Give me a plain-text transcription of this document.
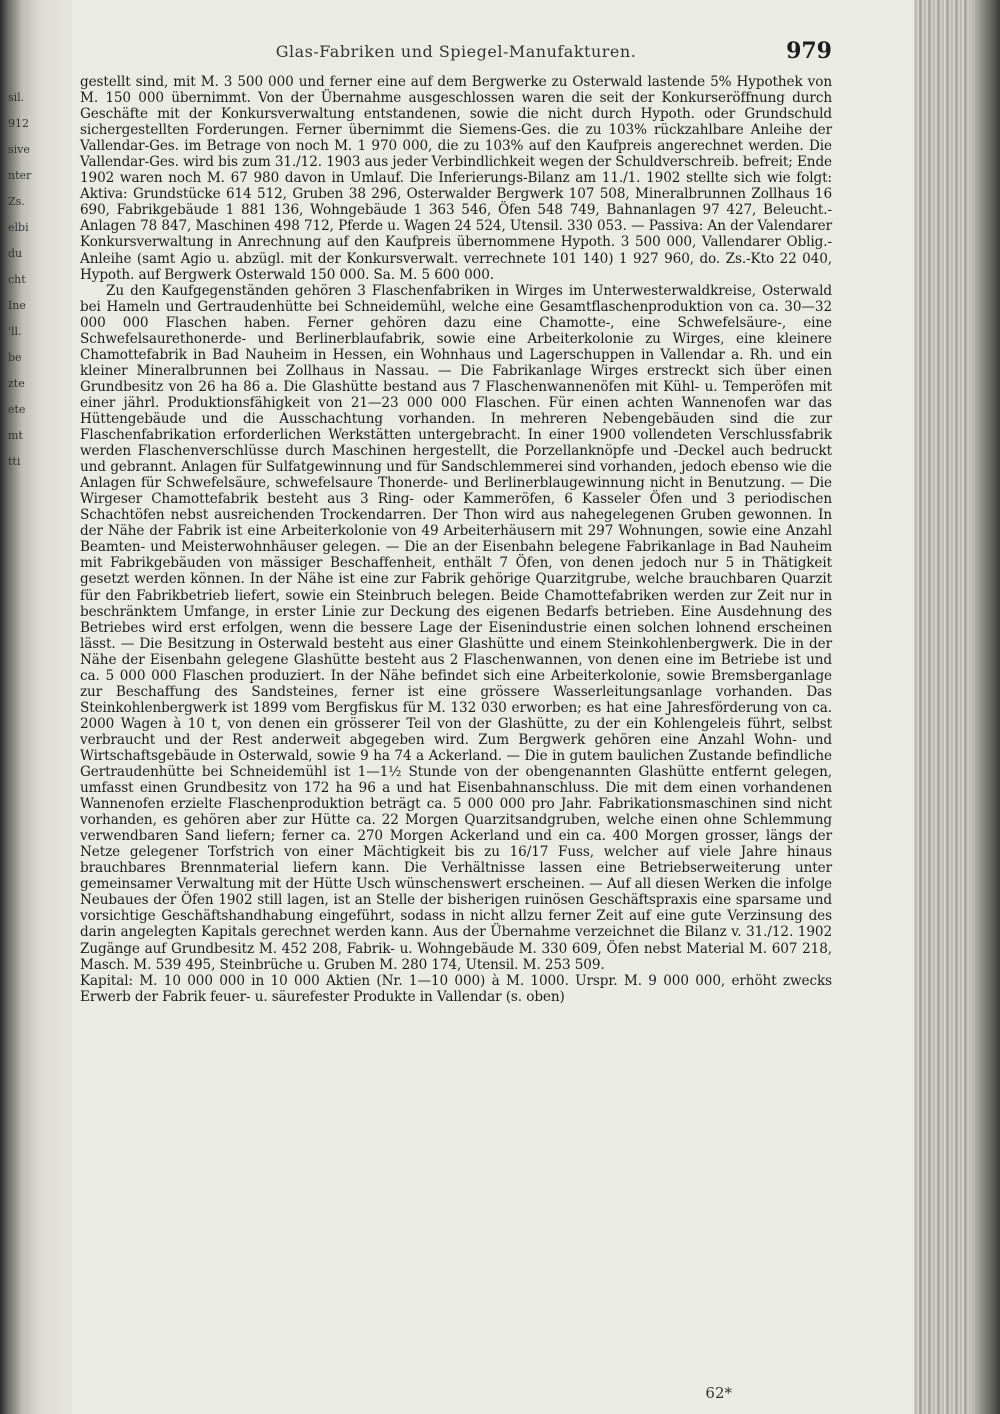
sil.
912
sive
nter
Zs.
elbi
du
cht
Ine
'll.
be
zte
ete
mt
tti
Glas-Fabriken und Spiegel-Manufakturen.	979

gestellt sind, mit M. 3 500 000 und ferner eine auf dem Bergwerke zu Osterwald lastende 5% Hypothek von M. 150 000 übernimmt. Von der Übernahme ausgeschlossen waren die seit der Konkurseröffnung durch Geschäfte mit der Konkursverwaltung entstandenen, sowie die nicht durch Hypoth. oder Grundschuld sichergestellten Forderungen. Ferner übernimmt die Siemens-Ges. die zu 103% rückzahlbare Anleihe der Vallendar-Ges. im Betrage von noch M. 1 970 000, die zu 103% auf den Kaufpreis angerechnet werden. Die Vallendar-Ges. wird bis zum 31./12. 1903 aus jeder Verbindlichkeit wegen der Schuldverschreib. befreit; Ende 1902 waren noch M. 67 980 davon in Umlauf. Die Inferierungs-Bilanz am 11./1. 1902 stellte sich wie folgt: Aktiva: Grundstücke 614 512, Gruben 38 296, Osterwalder Bergwerk 107 508, Mineralbrunnen Zollhaus 16 690, Fabrikgebäude 1 881 136, Wohngebäude 1 363 546, Öfen 548 749, Bahnanlagen 97 427, Beleucht.-Anlagen 78 847, Maschinen 498 712, Pferde u. Wagen 24 524, Utensil. 330 053. — Passiva: An der Valendarer Konkursverwaltung in Anrechnung auf den Kaufpreis übernommene Hypoth. 3 500 000, Vallendarer Oblig.-Anleihe (samt Agio u. abzügl. mit der Konkursverwalt. verrechnete 101 140) 1 927 960, do. Zs.-Kto 22 040, Hypoth. auf Bergwerk Osterwald 150 000. Sa. M. 5 600 000.

Zu den Kaufgegenständen gehören 3 Flaschenfabriken in Wirges im Unterwesterwaldkreise, Osterwald bei Hameln und Gertraudenhütte bei Schneidemühl, welche eine Gesamtflaschenproduktion von ca. 30—32 000 000 Flaschen haben. Ferner gehören dazu eine Chamotte-, eine Schwefelsäure-, eine Schwefelsaurethonerde- und Berlinerblaufabrik, sowie eine Arbeiterkolonie zu Wirges, eine kleinere Chamottefabrik in Bad Nauheim in Hessen, ein Wohnhaus und Lagerschuppen in Vallendar a. Rh. und ein kleiner Mineralbrunnen bei Zollhaus in Nassau. — Die Fabrikanlage Wirges erstreckt sich über einen Grundbesitz von 26 ha 86 a. Die Glashütte bestand aus 7 Flaschenwannenöfen mit Kühl- u. Temperöfen mit einer jährl. Produktionsfähigkeit von 21—23 000 000 Flaschen. Für einen achten Wannenofen war das Hüttengebäude und die Ausschachtung vorhanden. In mehreren Nebengebäuden sind die zur Flaschenfabrikation erforderlichen Werkstätten untergebracht. In einer 1900 vollendeten Verschlussfabrik werden Flaschenverschlüsse durch Maschinen hergestellt, die Porzellanknöpfe und -Deckel auch bedruckt und gebrannt. Anlagen für Sulfatgewinnung und für Sandschlemmerei sind vorhanden, jedoch ebenso wie die Anlagen für Schwefelsäure, schwefelsaure Thonerde- und Berlinerblaugewinnung nicht in Benutzung. — Die Wirgeser Chamottefabrik besteht aus 3 Ring- oder Kammeröfen, 6 Kasseler Öfen und 3 periodischen Schachtöfen nebst ausreichenden Trockendarren. Der Thon wird aus nahegelegenen Gruben gewonnen. In der Nähe der Fabrik ist eine Arbeiterkolonie von 49 Arbeiterhäusern mit 297 Wohnungen, sowie eine Anzahl Beamten- und Meisterwohnhäuser gelegen. — Die an der Eisenbahn belegene Fabrikanlage in Bad Nauheim mit Fabrikgebäuden von mässiger Beschaffenheit, enthält 7 Öfen, von denen jedoch nur 5 in Thätigkeit gesetzt werden können. In der Nähe ist eine zur Fabrik gehörige Quarzitgrube, welche brauchbaren Quarzit für den Fabrikbetrieb liefert, sowie ein Steinbruch belegen. Beide Chamottefabriken werden zur Zeit nur in beschränktem Umfange, in erster Linie zur Deckung des eigenen Bedarfs betrieben. Eine Ausdehnung des Betriebes wird erst erfolgen, wenn die bessere Lage der Eisenindustrie einen solchen lohnend erscheinen lässt. — Die Besitzung in Osterwald besteht aus einer Glashütte und einem Steinkohlenbergwerk. Die in der Nähe der Eisenbahn gelegene Glashütte besteht aus 2 Flaschenwannen, von denen eine im Betriebe ist und ca. 5 000 000 Flaschen produziert. In der Nähe befindet sich eine Arbeiterkolonie, sowie Bremsberganlage zur Beschaffung des Sandsteines, ferner ist eine grössere Wasserleitungsanlage vorhanden. Das Steinkohlenbergwerk ist 1899 vom Bergfiskus für M. 132 030 erworben; es hat eine Jahresförderung von ca. 2000 Wagen à 10 t, von denen ein grösserer Teil von der Glashütte, zu der ein Kohlengeleis führt, selbst verbraucht und der Rest anderweit abgegeben wird. Zum Bergwerk gehören eine Anzahl Wohn- und Wirtschaftsgebäude in Osterwald, sowie 9 ha 74 a Ackerland. — Die in gutem baulichen Zustande befindliche Gertraudenhütte bei Schneidemühl ist 1—1½ Stunde von der obengenannten Glashütte entfernt gelegen, umfasst einen Grundbesitz von 172 ha 96 a und hat Eisenbahnanschluss. Die mit dem einen vorhandenen Wannenofen erzielte Flaschenproduktion beträgt ca. 5 000 000 pro Jahr. Fabrikationsmaschinen sind nicht vorhanden, es gehören aber zur Hütte ca. 22 Morgen Quarzitsandgruben, welche einen ohne Schlemmung verwendbaren Sand liefern; ferner ca. 270 Morgen Ackerland und ein ca. 400 Morgen grosser, längs der Netze gelegener Torfstrich von einer Mächtigkeit bis zu 16/17 Fuss, welcher auf viele Jahre hinaus brauchbares Brennmaterial liefern kann. Die Verhältnisse lassen eine Betriebserweiterung unter gemeinsamer Verwaltung mit der Hütte Usch wünschenswert erscheinen. — Auf all diesen Werken die infolge Neubaues der Öfen 1902 still lagen, ist an Stelle der bisherigen ruinösen Geschäftspraxis eine sparsame und vorsichtige Geschäftshandhabung eingeführt, sodass in nicht allzu ferner Zeit auf eine gute Verzinsung des darin angelegten Kapitals gerechnet werden kann. Aus der Übernahme verzeichnet die Bilanz v. 31./12. 1902 Zugänge auf Grundbesitz M. 452 208, Fabrik- u. Wohngebäude M. 330 609, Öfen nebst Material M. 607 218, Masch. M. 539 495, Steinbrüche u. Gruben M. 280 174, Utensil. M. 253 509.

Kapital: M. 10 000 000 in 10 000 Aktien (Nr. 1—10 000) à M. 1000. Urspr. M. 9 000 000, erhöht zwecks Erwerb der Fabrik feuer- u. säurefester Produkte in Vallendar (s. oben)

62*
